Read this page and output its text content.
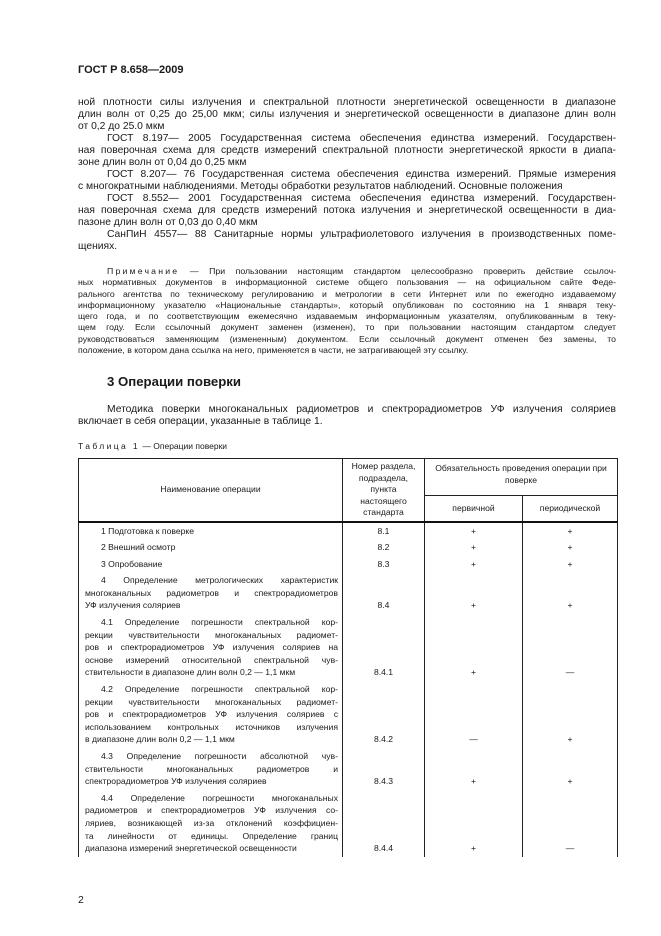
ГОСТ Р 8.658—2009
ной плотности силы излучения и спектральной плотности энергетической освещенности в диапазоне
длин волн от 0,25 до 25,00 мкм; силы излучения и энергетической освещенности в диапазоне длин волн
от 0,2 до 25.0 мкм
ГОСТ 8.197— 2005 Государственная система обеспечения единства измерений. Государствен-
ная поверочная схема для средств измерений спектральной плотности энергетической яркости в диапа-
зоне длин волн от 0,04 до 0,25 мкм
ГОСТ 8.207— 76 Государственная система обеспечения единства измерений. Прямые измерения
с многократными наблюдениями. Методы обработки результатов наблюдений. Основные положения
ГОСТ 8.552— 2001 Государственная система обеспечения единства измерений. Государствен-
ная поверочная схема для средств измерений потока излучения и энергетической освещенности в диа-
пазоне длин волн от 0,03 до 0,40 мкм
СанПиН 4557— 88 Санитарные нормы ультрафиолетового излучения в производственных поме-
щениях.
Примечание — При пользовании настоящим стандартом целесообразно проверить действие ссылоч-
ных нормативных документов в информационной системе общего пользования — на официальном сайте Феде-
рального агентства по техническому регулированию и метрологии в сети Интернет или по ежегодно издаваемому
информационному указателю «Национальные стандарты», который опубликован по состоянию на 1 января теку-
щего года, и по соответствующим ежемесячно издаваемым информационным указателям, опубликованным в теку-
щем году. Если ссылочный документ заменен (изменен), то при пользовании настоящим стандартом следует
руководствоваться заменяющим (измененным) документом. Если ссылочный документ отменен без замены, то
положение, в котором дана ссылка на него, применяется в части, не затрагивающей эту ссылку.
3 Операции поверки
Методика поверки многоканальных радиометров и спектрорадиометров УФ излучения соляриев
включает в себя операции, указанные в таблице 1.
Таблица 1 — Операции поверки
Наименование операции	Номер раздела, подраздела, пункта настоящего стандарта	Обязательность проведения операции при поверке	
		первичной	периодической

1 Подготовка к поверке	8.1	+	+

2 Внешний осмотр	8.2	+	+

3 Опробование	8.3	+	+

4 Определение метрологических характеристик
многоканальных радиометров и спектрорадиометров
УФ излучения соляриев	8.4	+	+

4.1 Определение погрешности спектральной кор-
рекции чувствительности многоканальных радиомет-
ров и спектрорадиометров УФ излучения соляриев на
основе измерений относительной спектральной чув-
ствительности в диапазоне длин волн 0,2 — 1,1 мкм	8.4.1	+	—

4.2 Определение погрешности спектральной кор-
рекции чувствительности многоканальных радиомет-
ров и спектрорадиометров УФ излучения соляриев с
использованием контрольных источников излучения
в диапазоне длин волн 0,2 — 1,1 мкм	8.4.2	—	+

4.3 Определение погрешности абсолютной чув-
ствительности многоканальных радиометров и
спектрорадиометров УФ излучения соляриев	8.4.3	+	+

4.4 Определение погрешности многоканальных
радиометров и спектрорадиометров УФ излучения со-
ляриев, возникающей из-за отклонений коэффициен-
та линейности от единицы. Определение границ
диапазона измерений энергетической освещенности	8.4.4	+	—
2
